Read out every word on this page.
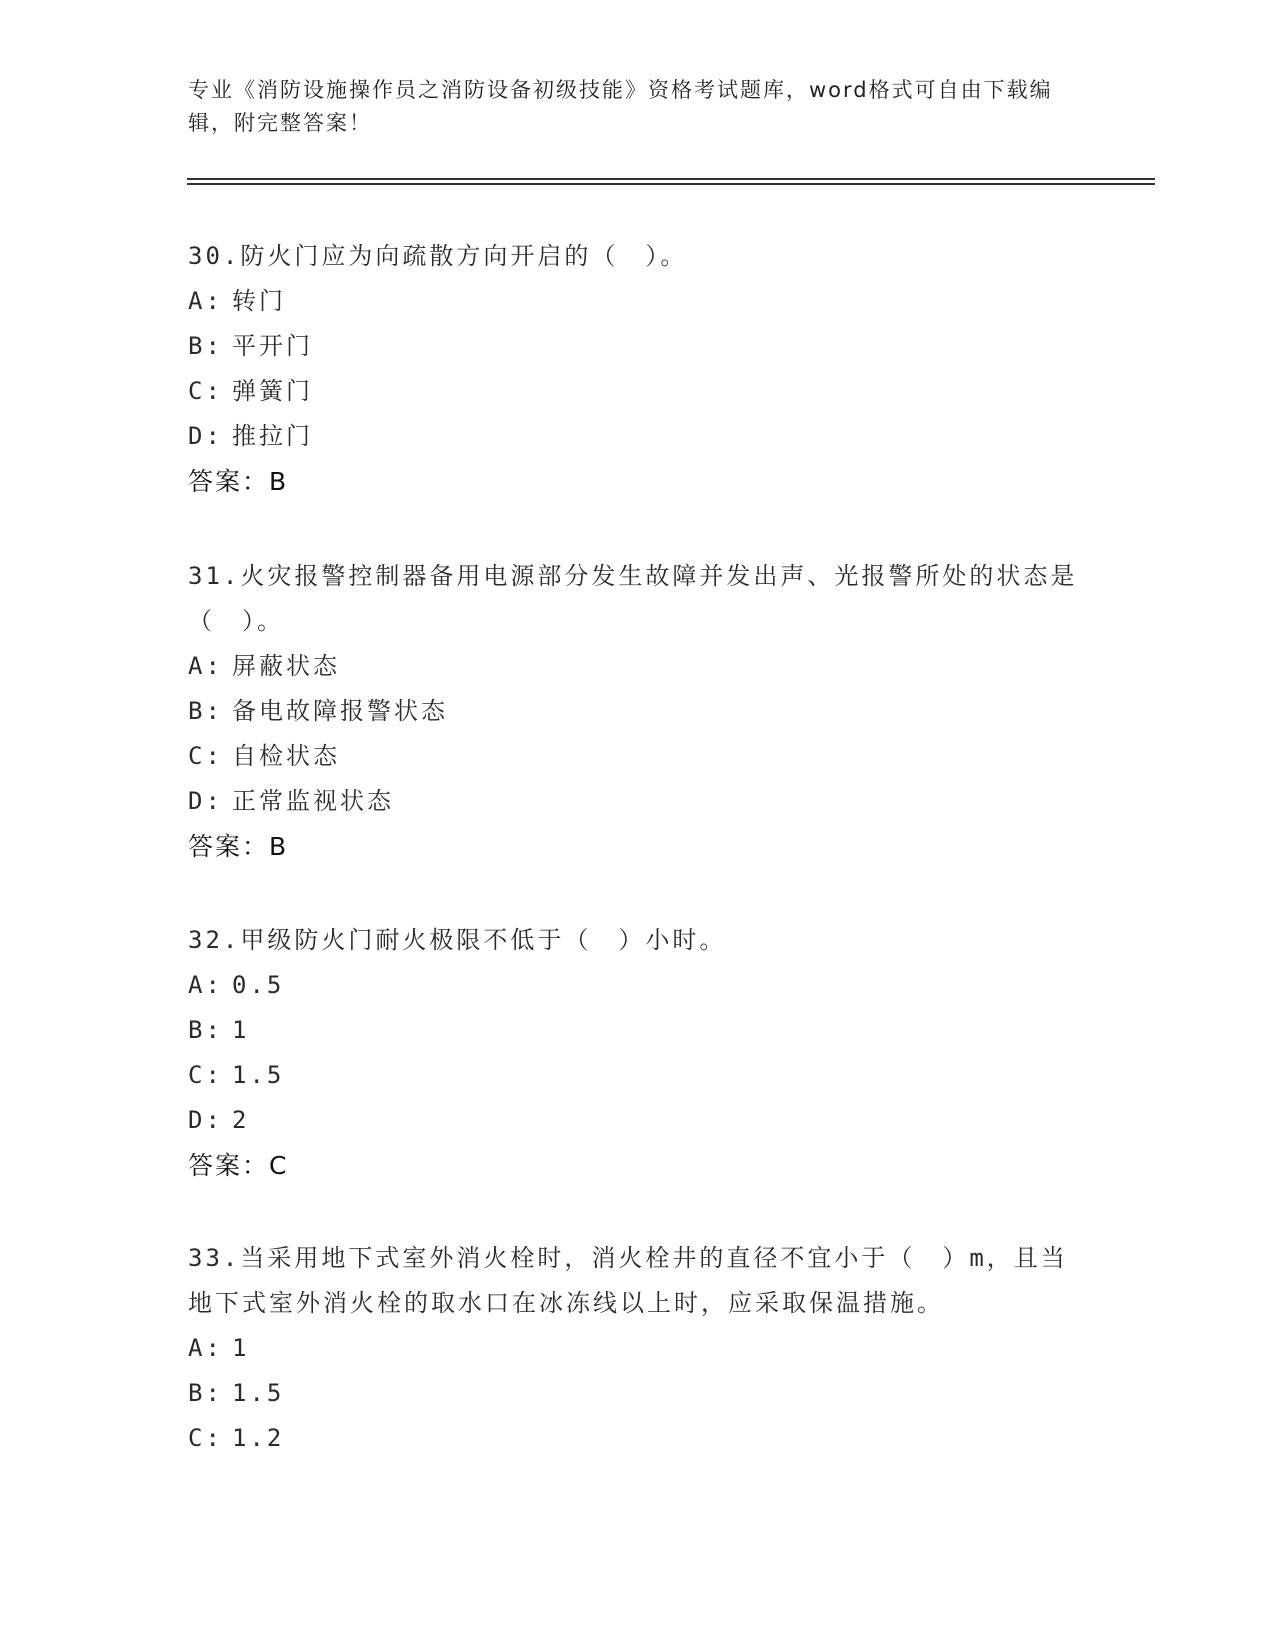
专业《消防设施操作员之消防设备初级技能》资格考试题库，word格式可自由下载编辑，附完整答案！

30.防火门应为向疏散方向开启的（　）。

A: 转门
B: 平开门
C: 弹簧门
D: 推拉门
答案：B

31.火灾报警控制器备用电源部分发生故障并发出声、光报警所处的状态是（　）。

A: 屏蔽状态
B: 备电故障报警状态
C: 自检状态
D: 正常监视状态
答案：B

32.甲级防火门耐火极限不低于（　）小时。

A: 0.5
B: 1
C: 1.5
D: 2
答案：C

33.当采用地下式室外消火栓时，消火栓井的直径不宜小于（　）m，且当地下式室外消火栓的取水口在冰冻线以上时，应采取保温措施。

A: 1
B: 1.5
C: 1.2
